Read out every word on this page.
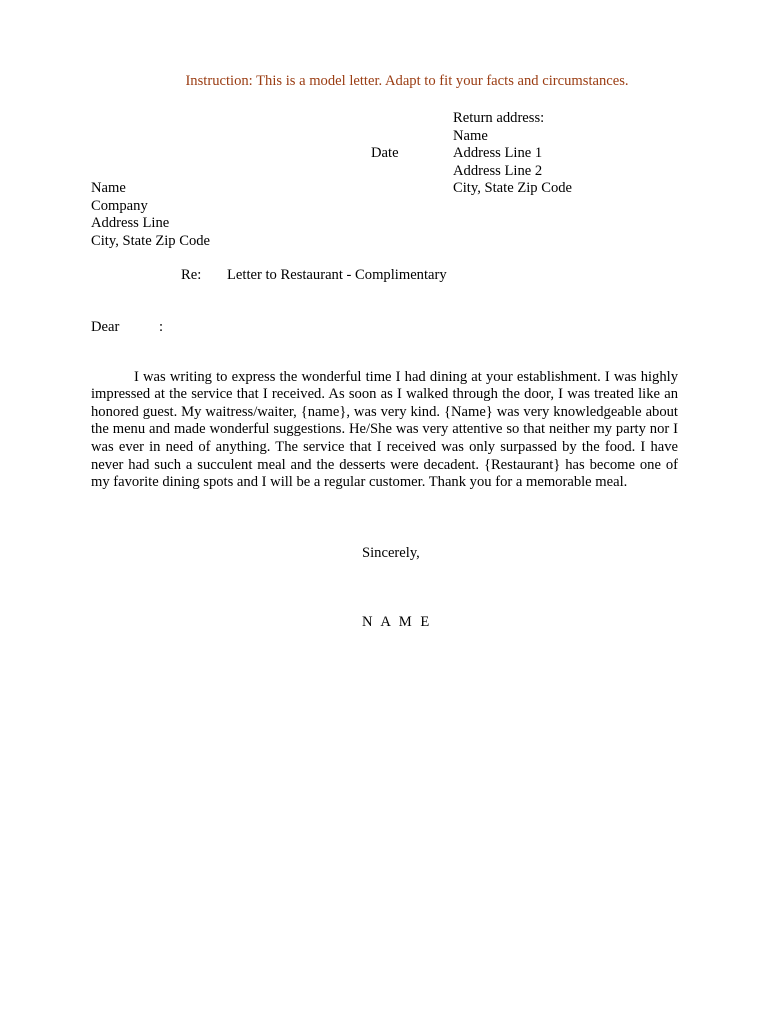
Instruction: This is a model letter. Adapt to fit your facts and circumstances.
Return address:
Name
Address Line 1
Address Line 2
City, State Zip Code
Date
Name
Company
Address Line
City, State Zip Code
Re: Letter to Restaurant - Complimentary
Dear	:

I was writing to express the wonderful time I had dining at your establishment. I was highly impressed at the service that I received. As soon as I walked through the door, I was treated like an honored guest. My waitress/waiter, {name}, was very kind. {Name} was very knowledgeable about the menu and made wonderful suggestions. He/She was very attentive so that neither my party nor I was ever in need of anything. The service that I received was only surpassed by the food. I have never had such a succulent meal and the desserts were decadent. {Restaurant} has become one of my favorite dining spots and I will be a regular customer. Thank you for a memorable meal.

Sincerely,
N A M E
